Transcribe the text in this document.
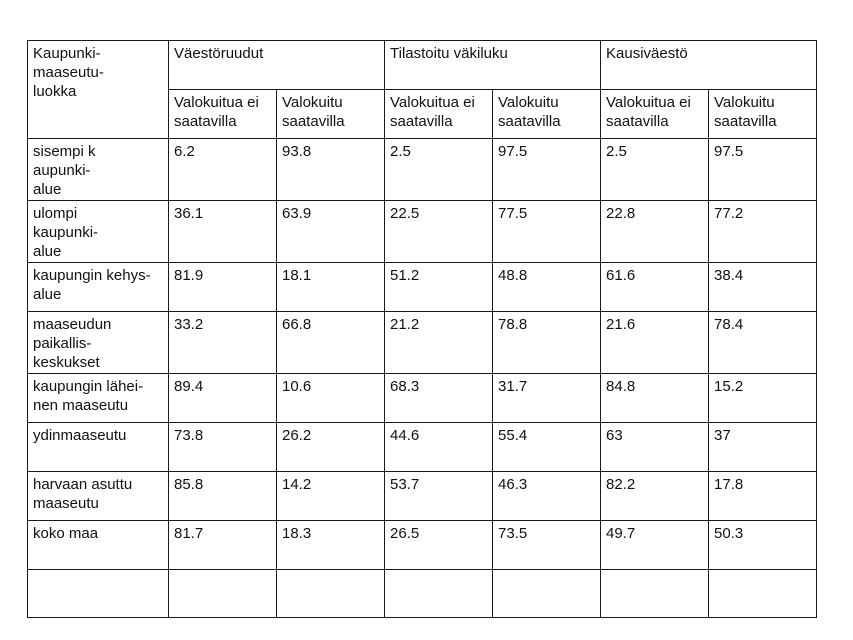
Kaupunki-
maaseutu-
luokka	Väestöruudut		Tilastoitu väkiluku		Kausiväestö	

	Valokuitua ei
saatavilla	Valokuitu
saatavilla	Valokuitua ei
saatavilla	Valokuitu
saatavilla	Valokuitua ei
saatavilla	Valokuitu
saatavilla

sisempi k
aupunki-
alue	6.2	93.8	2.5	97.5	2.5	97.5

ulompi
kaupunki-
alue	36.1	63.9	22.5	77.5	22.8	77.2

kaupungin kehys-
alue	81.9	18.1	51.2	48.8	61.6	38.4

maaseudun
paikallis-
keskukset	33.2	66.8	21.2	78.8	21.6	78.4

kaupungin lähei-
nen maaseutu	89.4	10.6	68.3	31.7	84.8	15.2

ydinmaaseutu	73.8	26.2	44.6	55.4	63	37

harvaan asuttu
maaseutu	85.8	14.2	53.7	46.3	82.2	17.8

koko maa	81.7	18.3	26.5	73.5	49.7	50.3
